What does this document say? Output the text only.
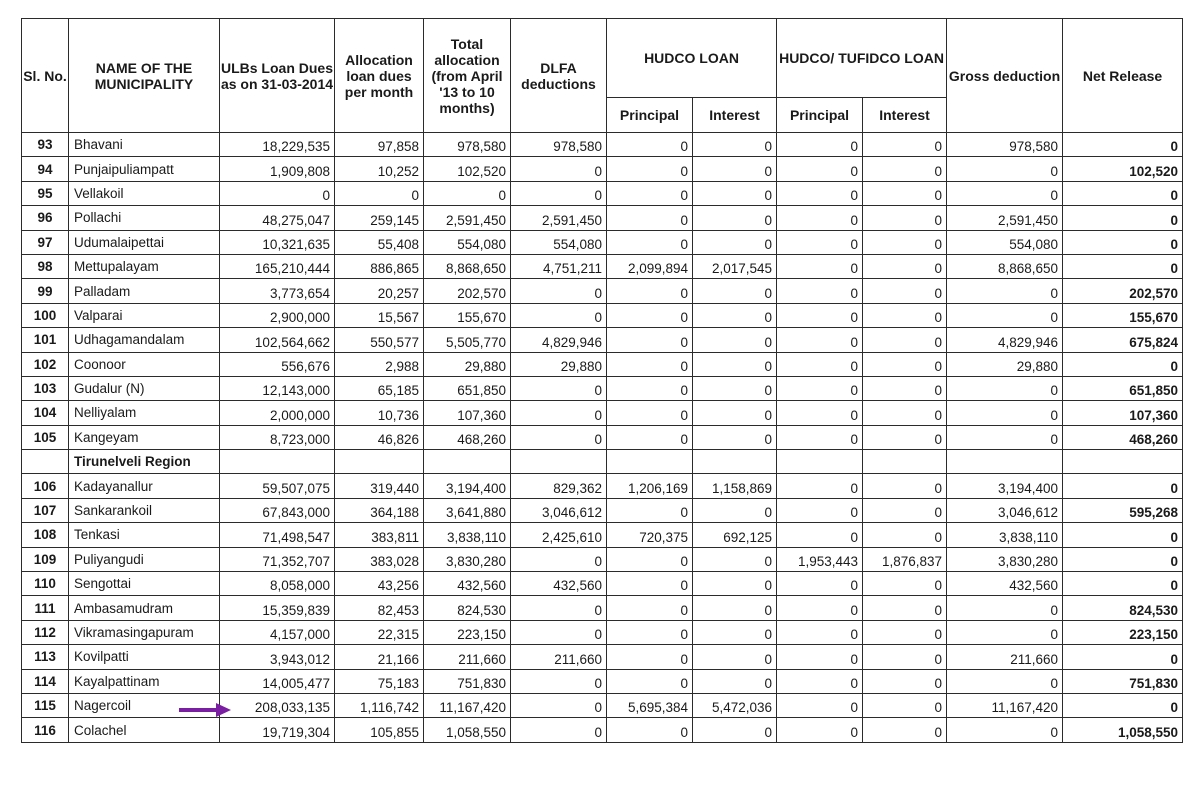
Sl. No.	NAME OF THE MUNICIPALITY	ULBs Loan Dues as on 31-03-2014	Allocation loan dues per month	Total allocation (from April '13 to 10 months)	DLFA deductions	HUDCO LOAN		HUDCO/ TUFIDCO LOAN		Gross deduction	Net Release
						Principal	Interest	Principal	Interest		
93	Bhavani	18,229,535	97,858	978,580	978,580	0	0	0	0	978,580	0
94	Punjaipuliampatt	1,909,808	10,252	102,520	0	0	0	0	0	0	102,520
95	Vellakoil	0	0	0	0	0	0	0	0	0	0
96	Pollachi	48,275,047	259,145	2,591,450	2,591,450	0	0	0	0	2,591,450	0
97	Udumalaipettai	10,321,635	55,408	554,080	554,080	0	0	0	0	554,080	0
98	Mettupalayam	165,210,444	886,865	8,868,650	4,751,211	2,099,894	2,017,545	0	0	8,868,650	0
99	Palladam	3,773,654	20,257	202,570	0	0	0	0	0	0	202,570
100	Valparai	2,900,000	15,567	155,670	0	0	0	0	0	0	155,670
101	Udhagamandalam	102,564,662	550,577	5,505,770	4,829,946	0	0	0	0	4,829,946	675,824
102	Coonoor	556,676	2,988	29,880	29,880	0	0	0	0	29,880	0
103	Gudalur (N)	12,143,000	65,185	651,850	0	0	0	0	0	0	651,850
104	Nelliyalam	2,000,000	10,736	107,360	0	0	0	0	0	0	107,360
105	Kangeyam	8,723,000	46,826	468,260	0	0	0	0	0	0	468,260
	Tirunelveli Region										
106	Kadayanallur	59,507,075	319,440	3,194,400	829,362	1,206,169	1,158,869	0	0	3,194,400	0
107	Sankarankoil	67,843,000	364,188	3,641,880	3,046,612	0	0	0	0	3,046,612	595,268
108	Tenkasi	71,498,547	383,811	3,838,110	2,425,610	720,375	692,125	0	0	3,838,110	0
109	Puliyangudi	71,352,707	383,028	3,830,280	0	0	0	1,953,443	1,876,837	3,830,280	0
110	Sengottai	8,058,000	43,256	432,560	432,560	0	0	0	0	432,560	0
111	Ambasamudram	15,359,839	82,453	824,530	0	0	0	0	0	0	824,530
112	Vikramasingapuram	4,157,000	22,315	223,150	0	0	0	0	0	0	223,150
113	Kovilpatti	3,943,012	21,166	211,660	211,660	0	0	0	0	211,660	0
114	Kayalpattinam	14,005,477	75,183	751,830	0	0	0	0	0	0	751,830
115	Nagercoil	208,033,135	1,116,742	11,167,420	0	5,695,384	5,472,036	0	0	11,167,420	0
116	Colachel	19,719,304	105,855	1,058,550	0	0	0	0	0	0	1,058,550
